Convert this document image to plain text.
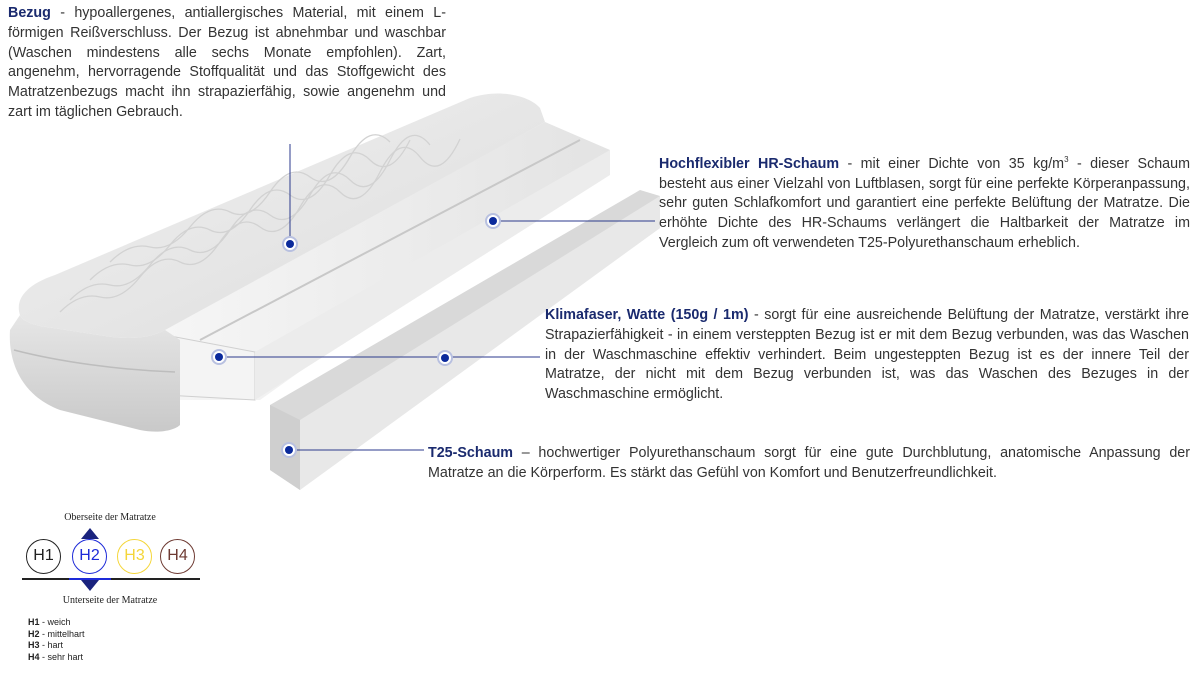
Bezug - hypoallergenes, antiallergisches Material, mit einem L-förmigen Reißverschluss. Der Bezug ist abnehmbar und waschbar (Waschen mindestens alle sechs Monate empfohlen). Zart, angenehm, hervorragende Stoffqualität und das Stoffgewicht des Matratzenbezugs macht ihn strapazierfähig, sowie angenehm und zart im täglichen Gebrauch.
Hochflexibler HR-Schaum - mit einer Dichte von 35 $kg/m^3$ - dieser Schaum besteht aus einer Vielzahl von Luftblasen, sorgt für eine perfekte Körperanpassung, sehr guten Schlafkomfort und garantiert eine perfekte Belüftung der Matratze. Die erhöhte Dichte des HR-Schaums verlängert die Haltbarkeit der Matratze im Vergleich zum oft verwendeten T25-Polyurethanschaum erheblich.
Klimafaser, Watte (150g / 1m) - sorgt für eine ausreichende Belüftung der Matratze, verstärkt ihre Strapazierfähigkeit - in einem versteppten Bezug ist er mit dem Bezug verbunden, was das Waschen in der Waschmaschine effektiv verhindert. Beim ungesteppten Bezug ist es der innere Teil der Matratze, der nicht mit dem Bezug verbunden ist, was das Waschen des Bezuges in der Waschmaschine ermöglicht.
T25-Schaum – hochwertiger Polyurethanschaum sorgt für eine gute Durchblutung, anatomische Anpassung der Matratze an die Körperform. Es stärkt das Gefühl von Komfort und Benutzerfreundlichkeit.
Oberseite der Matratze
H1	H2	H3	H4
Unterseite der Matratze
H1 - weich
H2 - mittelhart
H3 - hart
H4 - sehr hart
